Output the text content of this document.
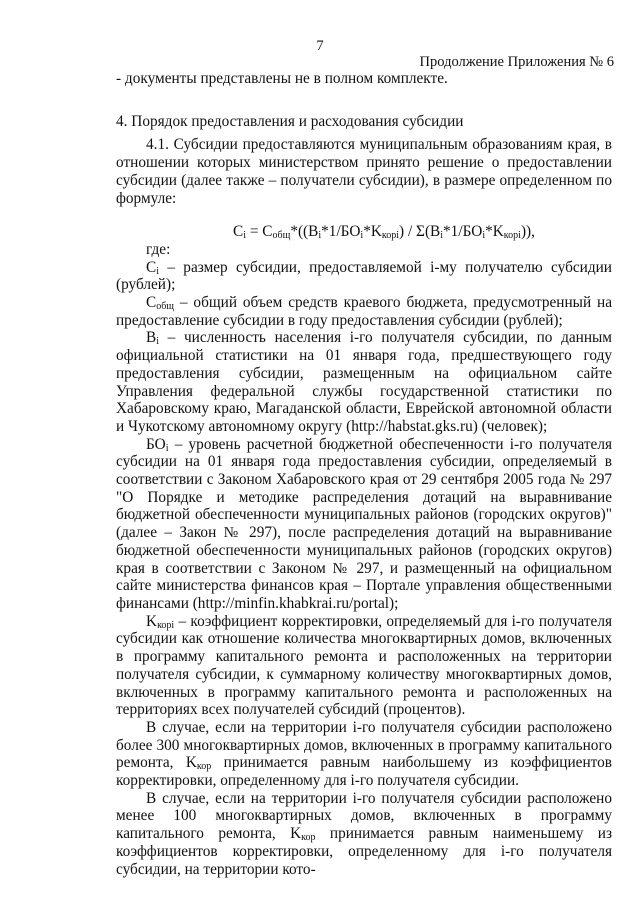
7
Продолжение Приложения № 6

- документы представлены не в полном комплекте.

4. Порядок предоставления и расходования субсидии

4.1. Субсидии предоставляются муниципальным образованиям края, в отношении которых министерством принято решение о предоставлении субсидии (далее также – получатели субсидии), в размере определенном по формуле:

$C_i = C_{общ}*((B_i*1/БО_i*K_{корi}) / \Sigma(B_i*1/БО_i*K_{корi}))$,

где:

$C_i$ – размер субсидии, предоставляемой i-му получателю субсидии (рублей);

$C_{общ}$ – общий объем средств краевого бюджета, предусмотренный на предоставление субсидии в году предоставления субсидии (рублей);

$B_i$ – численность населения i-го получателя субсидии, по данным официальной статистики на 01 января года, предшествующего году предоставления субсидии, размещенным на официальном сайте Управления федеральной службы государственной статистики по Хабаровскому краю, Магаданской области, Еврейской автономной области и Чукотскому автономному округу (http://habstat.gks.ru) (человек);

$БО_i$ – уровень расчетной бюджетной обеспеченности i-го получателя субсидии на 01 января года предоставления субсидии, определяемый в соответствии с Законом Хабаровского края от 29 сентября 2005 года № 297 "О Порядке и методике распределения дотаций на выравнивание бюджетной обеспеченности муниципальных районов (городских округов)" (далее – Закон № 297), после распределения дотаций на выравнивание бюджетной обеспеченности муниципальных районов (городских округов) края в соответствии с Законом № 297, и размещенный на официальном сайте министерства финансов края – Портале управления общественными финансами (http://minfin.khabkrai.ru/portal);

$K_{корi}$ – коэффициент корректировки, определяемый для i-го получателя субсидии как отношение количества многоквартирных домов, включенных в программу капитального ремонта и расположенных на территории получателя субсидии, к суммарному количеству многоквартирных домов, включенных в программу капитального ремонта и расположенных на территориях всех получателей субсидий (процентов).

В случае, если на территории i-го получателя субсидии расположено более 300 многоквартирных домов, включенных в программу капитального ремонта, $K_{кор}$ принимается равным наибольшему из коэффициентов корректировки, определенному для i-го получателя субсидии.

В случае, если на территории i-го получателя субсидии расположено менее 100 многоквартирных домов, включенных в программу капитального ремонта, $K_{кор}$ принимается равным наименьшему из коэффициентов корректировки, определенному для i-го получателя субсидии, на территории кото-
